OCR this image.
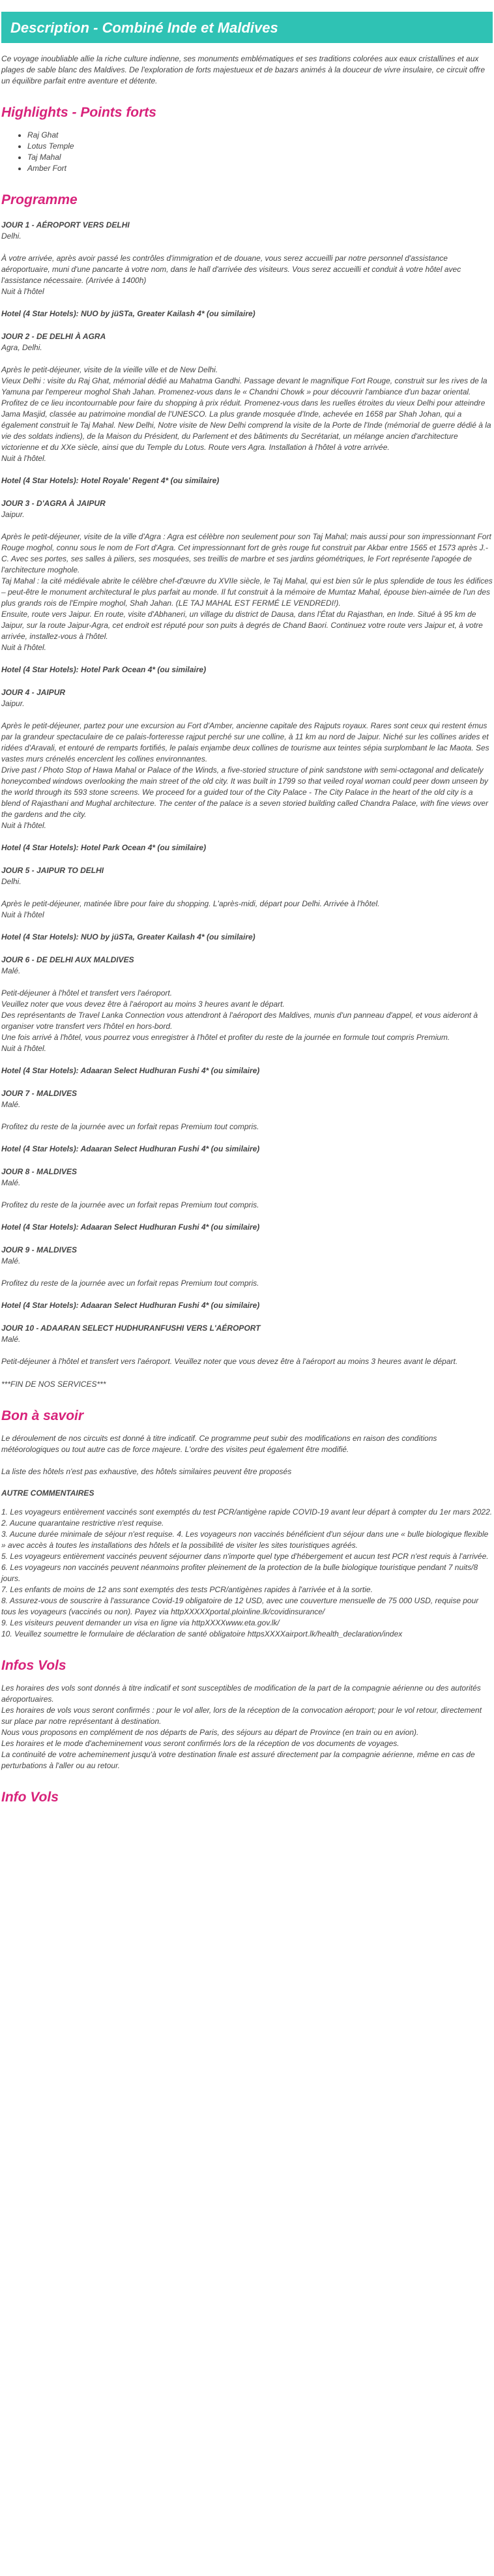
Description - Combiné Inde et Maldives

Ce voyage inoubliable allie la riche culture indienne, ses monuments emblématiques et ses traditions colorées aux eaux cristallines et aux plages de sable blanc des Maldives. De l'exploration de forts majestueux et de bazars animés à la douceur de vivre insulaire, ce circuit offre un équilibre parfait entre aventure et détente.

Highlights - Points forts
• Raj Ghat
• Lotus Temple
• Taj Mahal
• Amber Fort
Programme
JOUR 1 - AÉROPORT VERS DELHI
Delhi.

À votre arrivée, après avoir passé les contrôles d'immigration et de douane, vous serez accueilli par notre personnel d'assistance aéroportuaire, muni d'une pancarte à votre nom, dans le hall d'arrivée des visiteurs. Vous serez accueilli et conduit à votre hôtel avec l'assistance nécessaire. (Arrivée à 1400h)

Nuit à l'hôtel

Hotel (4 Star Hotels): NUO by jüSTa, Greater Kailash 4* (ou similaire)

JOUR 2 - DE DELHI À AGRA
Agra, Delhi.

Après le petit-déjeuner, visite de la vieille ville et de New Delhi.

Vieux Delhi : visite du Raj Ghat, mémorial dédié au Mahatma Gandhi. Passage devant le magnifique Fort Rouge, construit sur les rives de la Yamuna par l'empereur moghol Shah Jahan. Promenez-vous dans le « Chandni Chowk » pour découvrir l'ambiance d'un bazar oriental. Profitez de ce lieu incontournable pour faire du shopping à prix réduit. Promenez-vous dans les ruelles étroites du vieux Delhi pour atteindre Jama Masjid, classée au patrimoine mondial de l'UNESCO. La plus grande mosquée d'Inde, achevée en 1658 par Shah Johan, qui a également construit le Taj Mahal. New Delhi, Notre visite de New Delhi comprend la visite de la Porte de l'Inde (mémorial de guerre dédié à la vie des soldats indiens), de la Maison du Président, du Parlement et des bâtiments du Secrétariat, un mélange ancien d'architecture victorienne et du XXe siècle, ainsi que du Temple du Lotus. Route vers Agra. Installation à l'hôtel à votre arrivée.

Nuit à l'hôtel.

Hotel (4 Star Hotels): Hotel Royale' Regent 4* (ou similaire)

JOUR 3 - D'AGRA À JAIPUR
Jaipur.

Après le petit-déjeuner, visite de la ville d'Agra : Agra est célèbre non seulement pour son Taj Mahal; mais aussi pour son impressionnant Fort Rouge moghol, connu sous le nom de Fort d'Agra. Cet impressionnant fort de grès rouge fut construit par Akbar entre 1565 et 1573 après J.-C. Avec ses portes, ses salles à piliers, ses mosquées, ses treillis de marbre et ses jardins géométriques, le Fort représente l'apogée de l'architecture moghole.

Taj Mahal : la cité médiévale abrite le célèbre chef-d'œuvre du XVIIe siècle, le Taj Mahal, qui est bien sûr le plus splendide de tous les édifices – peut-être le monument architectural le plus parfait au monde. Il fut construit à la mémoire de Mumtaz Mahal, épouse bien-aimée de l'un des plus grands rois de l'Empire moghol, Shah Jahan. (LE TAJ MAHAL EST FERMÉ LE VENDREDI!).

Ensuite, route vers Jaipur. En route, visite d'Abhaneri, un village du district de Dausa, dans l'État du Rajasthan, en Inde. Situé à 95 km de Jaipur, sur la route Jaipur-Agra, cet endroit est réputé pour son puits à degrés de Chand Baori. Continuez votre route vers Jaipur et, à votre arrivée, installez-vous à l'hôtel.

Nuit à l'hôtel.

Hotel (4 Star Hotels): Hotel Park Ocean 4* (ou similaire)

JOUR 4 - JAIPUR
Jaipur.

Après le petit-déjeuner, partez pour une excursion au Fort d'Amber, ancienne capitale des Rajputs royaux. Rares sont ceux qui restent émus par la grandeur spectaculaire de ce palais-forteresse rajput perché sur une colline, à 11 km au nord de Jaipur. Niché sur les collines arides et ridées d'Aravali, et entouré de remparts fortifiés, le palais enjambe deux collines de tourisme aux teintes sépia surplombant le lac Maota. Ses vastes murs crénelés encerclent les collines environnantes.

Drive past / Photo Stop of Hawa Mahal or Palace of the Winds, a five-storied structure of pink sandstone with semi-octagonal and delicately honeycombed windows overlooking the main street of the old city. It was built in 1799 so that veiled royal woman could peer down unseen by the world through its 593 stone screens. We proceed for a guided tour of the City Palace - The City Palace in the heart of the old city is a blend of Rajasthani and Mughal architecture. The center of the palace is a seven storied building called Chandra Palace, with fine views over the gardens and the city.

Nuit à l'hôtel.

Hotel (4 Star Hotels): Hotel Park Ocean 4* (ou similaire)

JOUR 5 - JAIPUR TO DELHI
Delhi.

Après le petit-déjeuner, matinée libre pour faire du shopping. L'après-midi, départ pour Delhi. Arrivée à l'hôtel.

Nuit à l'hôtel

Hotel (4 Star Hotels): NUO by jüSTa, Greater Kailash 4* (ou similaire)

JOUR 6 - DE DELHI AUX MALDIVES
Malé.

Petit-déjeuner à l'hôtel et transfert vers l'aéroport.

Veuillez noter que vous devez être à l'aéroport au moins 3 heures avant le départ.

Des représentants de Travel Lanka Connection vous attendront à l'aéroport des Maldives, munis d'un panneau d'appel, et vous aideront à organiser votre transfert vers l'hôtel en hors-bord.

Une fois arrivé à l'hôtel, vous pourrez vous enregistrer à l'hôtel et profiter du reste de la journée en formule tout compris Premium.

Nuit à l'hôtel.

Hotel (4 Star Hotels): Adaaran Select Hudhuran Fushi 4* (ou similaire)

JOUR 7 - MALDIVES
Malé.

Profitez du reste de la journée avec un forfait repas Premium tout compris.

Hotel (4 Star Hotels): Adaaran Select Hudhuran Fushi 4* (ou similaire)

JOUR 8 - MALDIVES
Malé.

Profitez du reste de la journée avec un forfait repas Premium tout compris.

Hotel (4 Star Hotels): Adaaran Select Hudhuran Fushi 4* (ou similaire)

JOUR 9 - MALDIVES
Malé.

Profitez du reste de la journée avec un forfait repas Premium tout compris.

Hotel (4 Star Hotels): Adaaran Select Hudhuran Fushi 4* (ou similaire)

JOUR 10 - ADAARAN SELECT HUDHURANFUSHI VERS L'AÉROPORT
Malé.

Petit-déjeuner à l'hôtel et transfert vers l'aéroport. Veuillez noter que vous devez être à l'aéroport au moins 3 heures avant le départ.

***FIN DE NOS SERVICES***

Bon à savoir

Le déroulement de nos circuits est donné à titre indicatif. Ce programme peut subir des modifications en raison des conditions météorologiques ou tout autre cas de force majeure. L'ordre des visites peut également être modifié.

La liste des hôtels n'est pas exhaustive, des hôtels similaires peuvent être proposés

AUTRE COMMENTAIRES

1. Les voyageurs entièrement vaccinés sont exemptés du test PCR/antigène rapide COVID-19 avant leur départ à compter du 1er mars 2022.

2. Aucune quarantaine restrictive n'est requise.

3. Aucune durée minimale de séjour n'est requise. 4. Les voyageurs non vaccinés bénéficient d'un séjour dans une « bulle biologique flexible » avec accès à toutes les installations des hôtels et la possibilité de visiter les sites touristiques agréés.

5. Les voyageurs entièrement vaccinés peuvent séjourner dans n'importe quel type d'hébergement et aucun test PCR n'est requis à l'arrivée.

6. Les voyageurs non vaccinés peuvent néanmoins profiter pleinement de la protection de la bulle biologique touristique pendant 7 nuits/8 jours.

7. Les enfants de moins de 12 ans sont exemptés des tests PCR/antigènes rapides à l'arrivée et à la sortie.

8. Assurez-vous de souscrire à l'assurance Covid-19 obligatoire de 12 USD, avec une couverture mensuelle de 75 000 USD, requise pour tous les voyageurs (vaccinés ou non). Payez via httpXXXXXportal.ploinline.lk/covidinsurance/

9. Les visiteurs peuvent demander un visa en ligne via httpXXXXwww.eta.gov.lk/

10. Veuillez soumettre le formulaire de déclaration de santé obligatoire httpsXXXXairport.lk/health_declaration/index

Infos Vols

Les horaires des vols sont donnés à titre indicatif et sont susceptibles de modification de la part de la compagnie aérienne ou des autorités aéroportuaires.

Les horaires de vols vous seront confirmés : pour le vol aller, lors de la réception de la convocation aéroport; pour le vol retour, directement sur place par notre représentant à destination.

Nous vous proposons en complément de nos départs de Paris, des séjours au départ de Province (en train ou en avion).

Les horaires et le mode d'acheminement vous seront confirmés lors de la réception de vos documents de voyages.

La continuité de votre acheminement jusqu'à votre destination finale est assuré directement par la compagnie aérienne, même en cas de perturbations à l'aller ou au retour.

Info Vols
